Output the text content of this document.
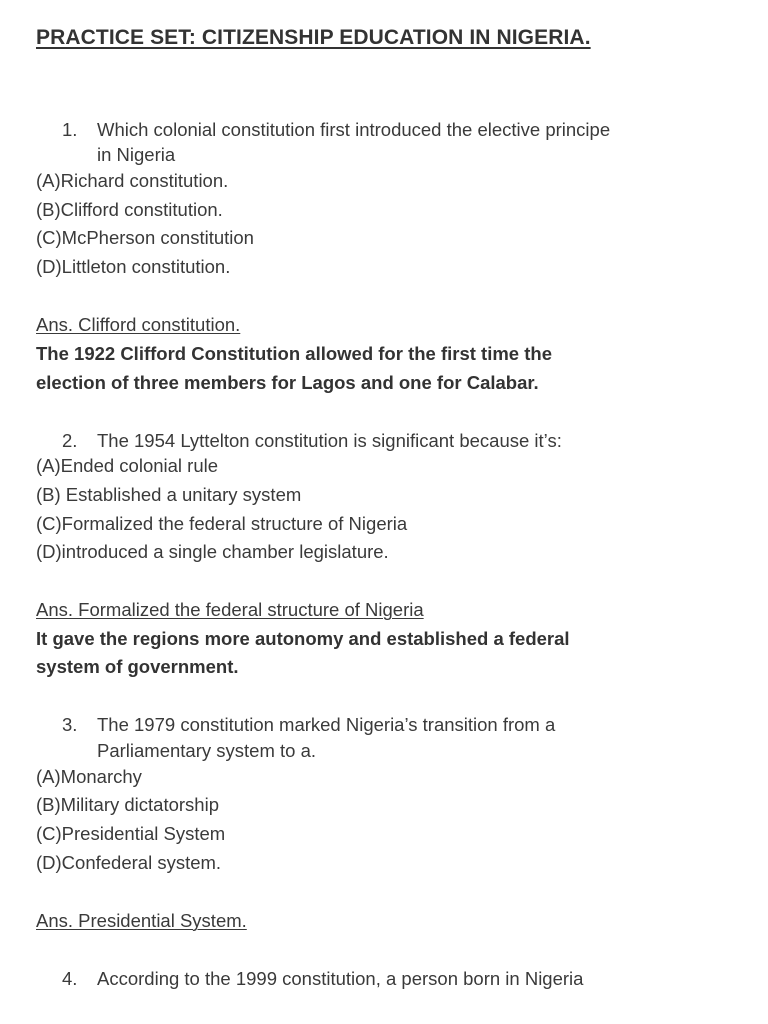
PRACTICE SET: CITIZENSHIP EDUCATION IN NIGERIA.
1. Which colonial constitution first introduced the elective principe
in Nigeria
(A)Richard constitution.
(B)Clifford constitution.
(C)McPherson constitution
(D)Littleton constitution.
Ans. Clifford constitution.
The 1922 Clifford Constitution allowed for the first time the
election of three members for Lagos and one for Calabar.
2. The 1954 Lyttelton constitution is significant because it’s:
(A)Ended colonial rule
(B) Established a unitary system
(C)Formalized the federal structure of Nigeria
(D)introduced a single chamber legislature.
Ans. Formalized the federal structure of Nigeria
It gave the regions more autonomy and established a federal
system of government.
3. The 1979 constitution marked Nigeria’s transition from a
Parliamentary system to a.
(A)Monarchy
(B)Military dictatorship
(C)Presidential System
(D)Confederal system.
Ans. Presidential System.
4. According to the 1999 constitution, a person born in Nigeria
